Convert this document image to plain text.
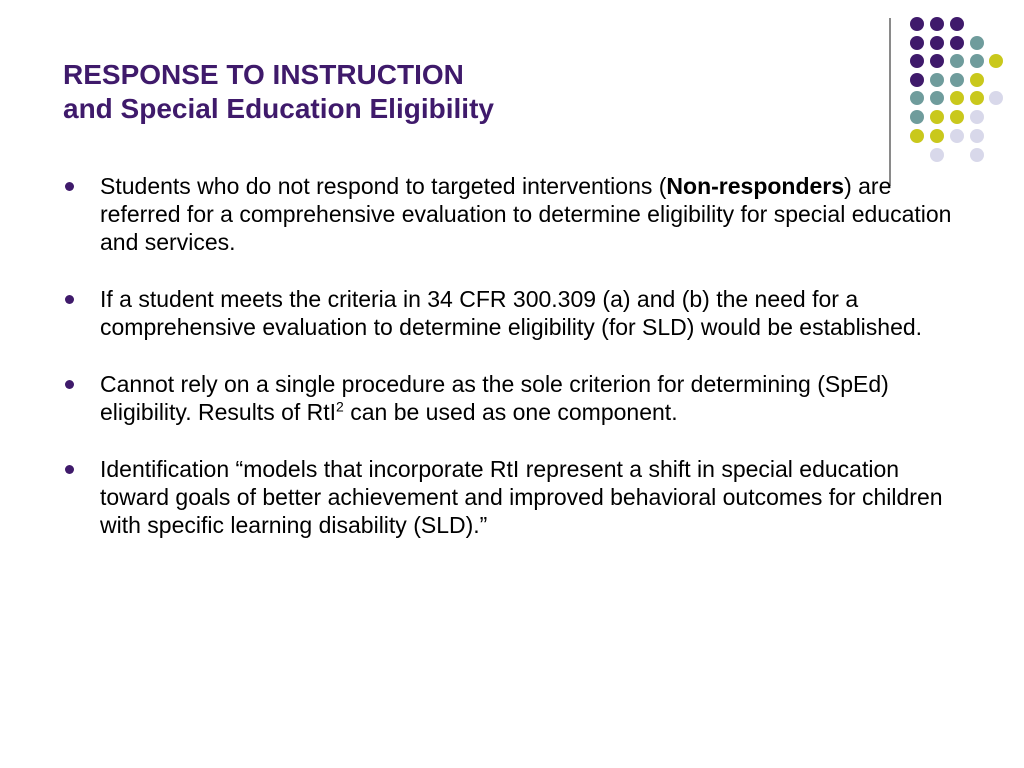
RESPONSE TO INSTRUCTION
and Special Education Eligibility
Students who do not respond to targeted interventions (Non-responders) are referred for a comprehensive evaluation to determine eligibility for special education and services.
If a student meets the criteria in 34 CFR 300.309 (a) and (b) the need for a comprehensive evaluation to determine eligibility (for SLD) would be established.
Cannot rely on a single procedure as the sole criterion for determining (SpEd) eligibility. Results of RtI$^2$ can be used as one component.
Identification “models that incorporate RtI represent a shift in special education toward goals of better achievement and improved behavioral outcomes for children with specific learning disability (SLD).”
